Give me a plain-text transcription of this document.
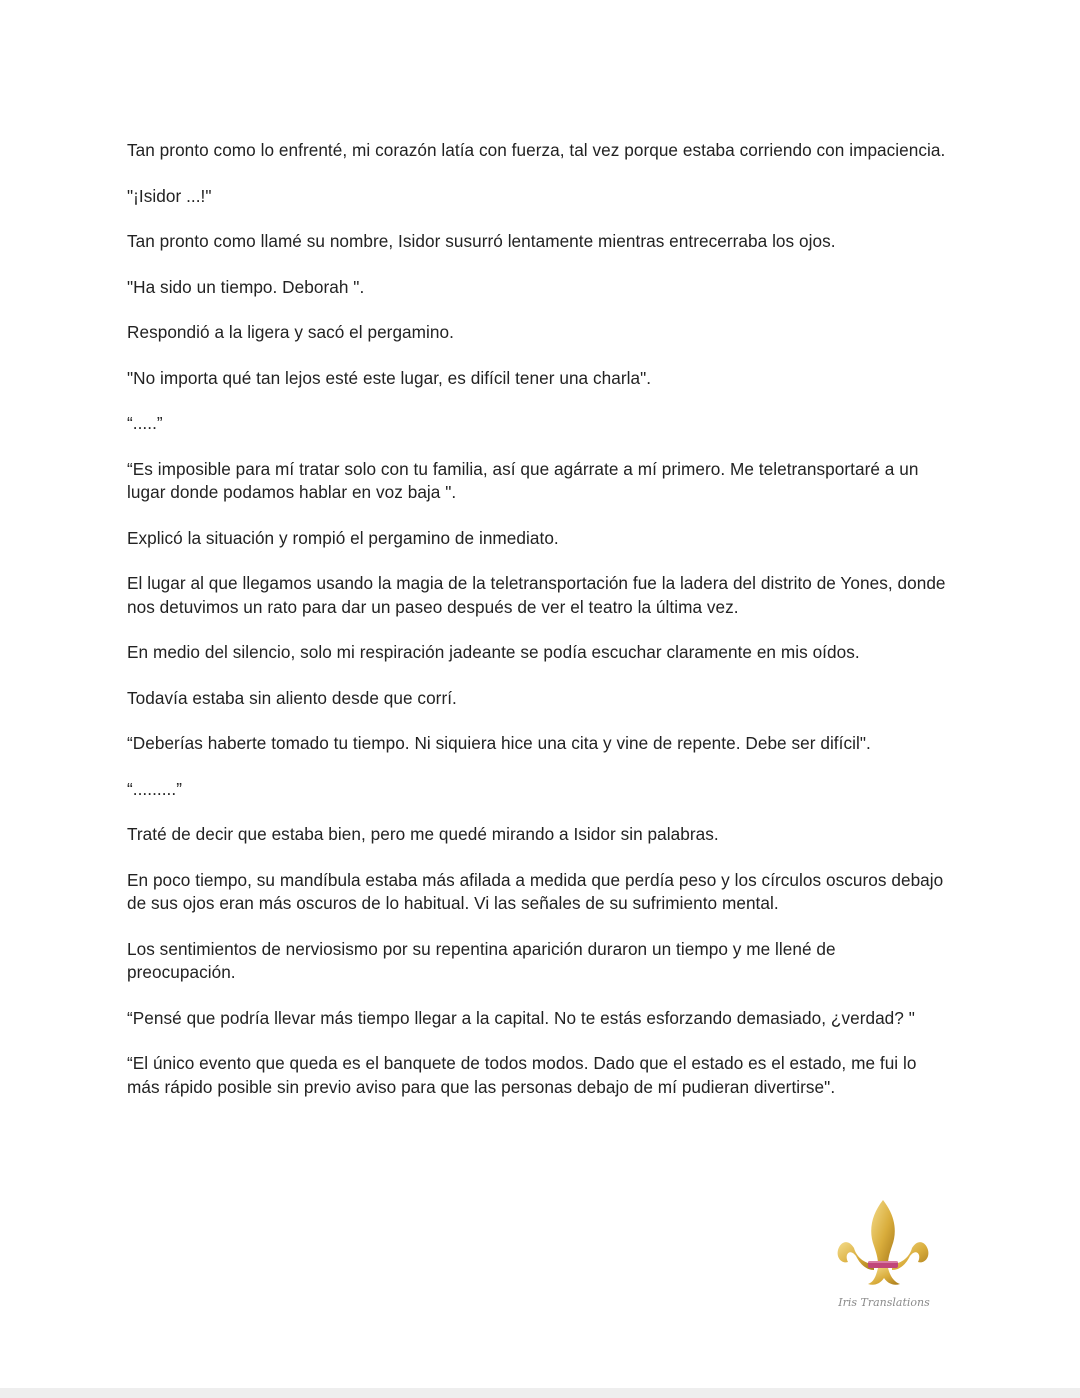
Tan pronto como lo enfrenté, mi corazón latía con fuerza, tal vez porque estaba corriendo con impaciencia.

"¡Isidor ...!"

Tan pronto como llamé su nombre, Isidor susurró lentamente mientras entrecerraba los ojos.

"Ha sido un tiempo. Deborah ".

Respondió a la ligera y sacó el pergamino.

"No importa qué tan lejos esté este lugar, es difícil tener una charla".

“.....”

“Es imposible para mí tratar solo con tu familia, así que agárrate a mí primero. Me teletransportaré a un lugar donde podamos hablar en voz baja ".

Explicó la situación y rompió el pergamino de inmediato.

El lugar al que llegamos usando la magia de la teletransportación fue la ladera del distrito de Yones, donde nos detuvimos un rato para dar un paseo después de ver el teatro la última vez.

En medio del silencio, solo mi respiración jadeante se podía escuchar claramente en mis oídos.

Todavía estaba sin aliento desde que corrí.

“Deberías haberte tomado tu tiempo. Ni siquiera hice una cita y vine de repente. Debe ser difícil".

“.........”

Traté de decir que estaba bien, pero me quedé mirando a Isidor sin palabras.

En poco tiempo, su mandíbula estaba más afilada a medida que perdía peso y los círculos oscuros debajo de sus ojos eran más oscuros de lo habitual. Vi las señales de su sufrimiento mental.

Los sentimientos de nerviosismo por su repentina aparición duraron un tiempo y me llené de preocupación.

“Pensé que podría llevar más tiempo llegar a la capital. No te estás esforzando demasiado, ¿verdad? "

“El único evento que queda es el banquete de todos modos. Dado que el estado es el estado, me fui lo más rápido posible sin previo aviso para que las personas debajo de mí pudieran divertirse".

Iris Translations
